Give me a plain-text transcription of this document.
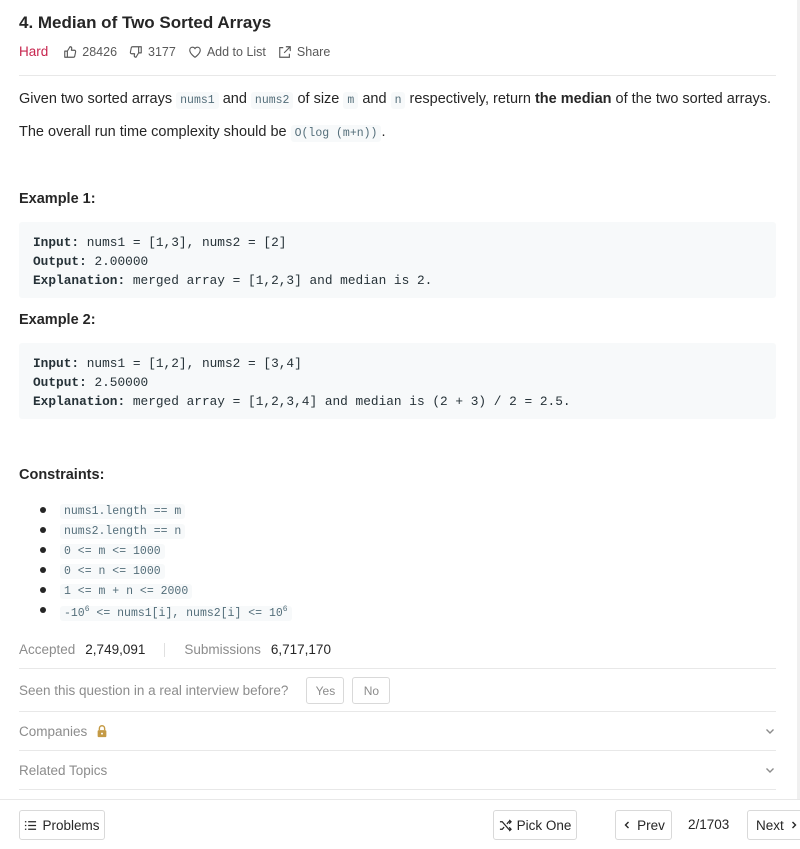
4. Median of Two Sorted Arrays
Hard	28426 3177 Add to List Share
Given two sorted arrays nums1 and nums2 of size m and n respectively, return the median of the two sorted arrays.
The overall run time complexity should be O(log (m+n)) .
Example 1:
Input: nums1 = [1,3], nums2 = [2]
Output: 2.00000
Explanation: merged array = [1,2,3] and median is 2.
Example 2:
Input: nums1 = [1,2], nums2 = [3,4]
Output: 2.50000
Explanation: merged array = [1,2,3,4] and median is (2 + 3) / 2 = 2.5.
Constraints:
nums1.length == m
nums2.length == n
0 <= m <= 1000
0 <= n <= 1000
1 <= m + n <= 2000
$-10^6$ <= nums1[i], nums2[i] <= $10^6$
Accepted 2,749,091	Submissions 6,717,170
Seen this question in a real interview before?	Yes	No
Companies
Related Topics
Problems	Pick One	Prev 2/1703 Next
